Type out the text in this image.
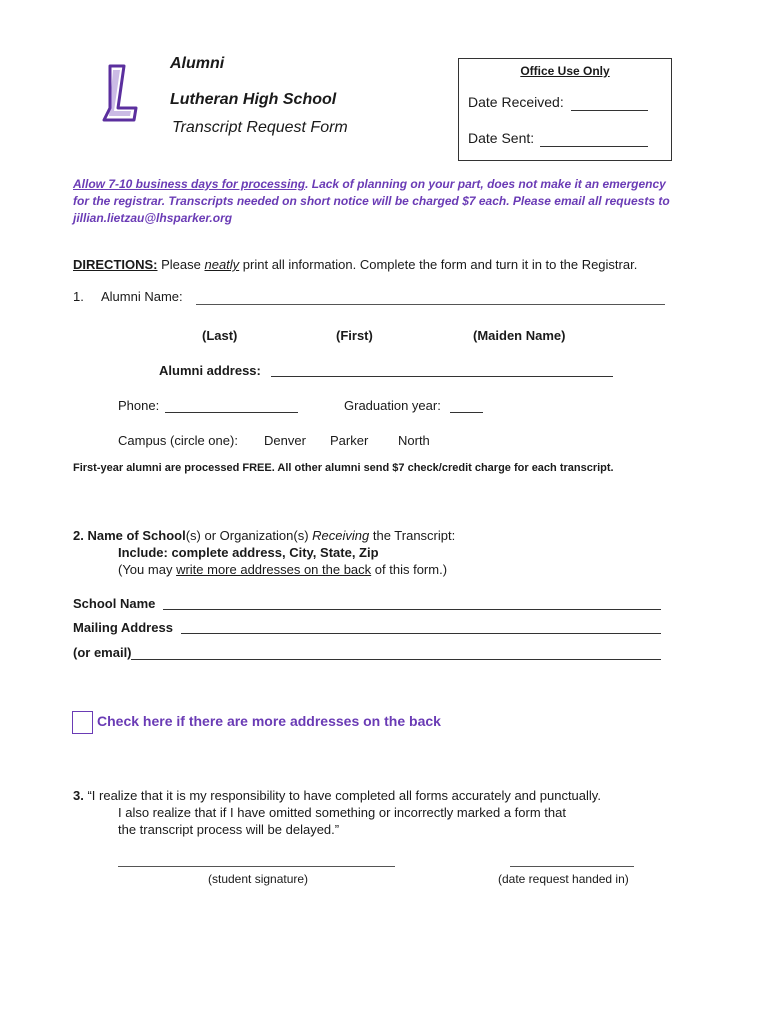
Alumni
Lutheran High School
Transcript Request Form
Office Use Only
Date Received:
Date Sent:
Allow 7-10 business days for processing. Lack of planning on your part, does not make it an emergency for the registrar. Transcripts needed on short notice will be charged $7 each. Please email all requests to jillian.lietzau@lhsparker.org
DIRECTIONS: Please neatly print all information. Complete the form and turn it in to the Registrar.
1. Alumni Name:
(Last)	(First)	(Maiden Name)
Alumni address:
Phone:	Graduation year:
Campus (circle one): Denver Parker North
First-year alumni are processed FREE. All other alumni send $7 check/credit charge for each transcript.
2. Name of School(s) or Organization(s) Receiving the Transcript:
Include: complete address, City, State, Zip
(You may write more addresses on the back of this form.)
School Name
Mailing Address
(or email)
Check here if there are more addresses on the back
3. “I realize that it is my responsibility to have completed all forms accurately and punctually.
I also realize that if I have omitted something or incorrectly marked a form that
the transcript process will be delayed.”
(student signature)	(date request handed in)
